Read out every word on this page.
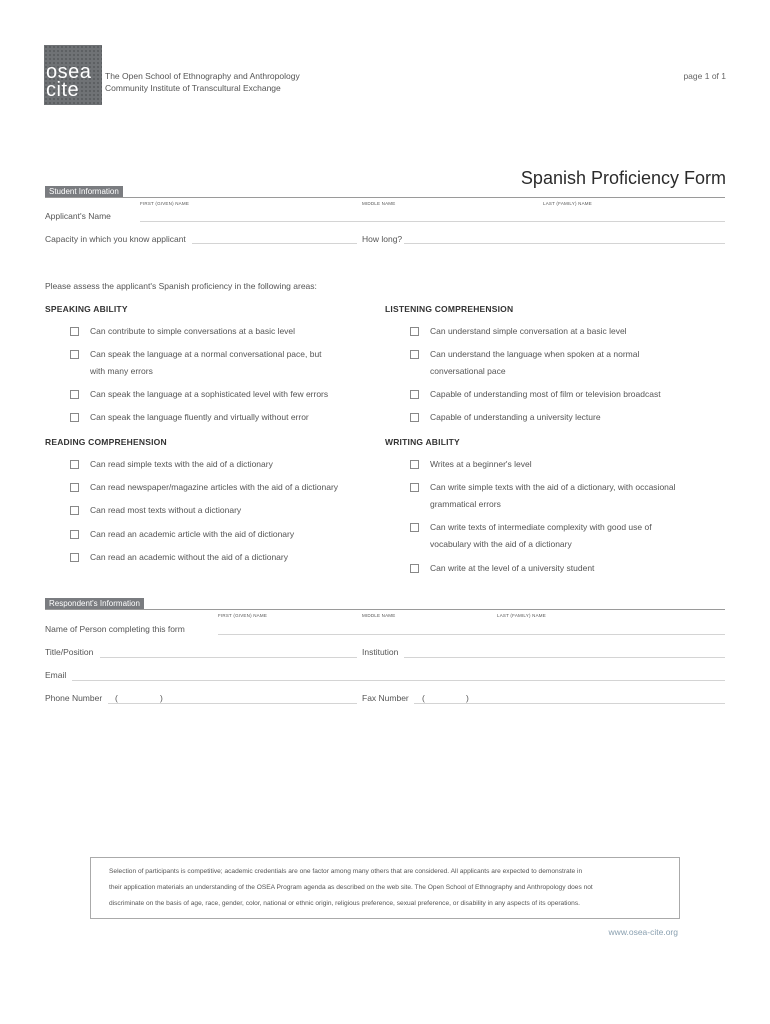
osea
cite
The Open School of Ethnography and Anthropology
Community Institute of Transcultural Exchange
page 1 of 1
Spanish Proficiency Form
Student Information
FIRST (GIVEN) NAME	MIDDLE NAME	LAST (FAMILY) NAME
Applicant's Name
Capacity in which you know applicant	How long?
Please assess the applicant's Spanish proficiency in the following areas:
SPEAKING ABILITY
Can contribute to simple conversations at a basic level
Can speak the language at a normal conversational pace, but
with many errors
Can speak the language at a sophisticated level with few errors
Can speak the language fluently and virtually without error
LISTENING COMPREHENSION
Can understand simple conversation at a basic level
Can understand the language when spoken at a normal
conversational pace
Capable of understanding most of film or television broadcast
Capable of understanding a university lecture
READING COMPREHENSION
Can read simple texts with the aid of a dictionary
Can read newspaper/magazine articles with the aid of a dictionary
Can read most texts without a dictionary
Can read an academic article with the aid of dictionary
Can read an academic without the aid of a dictionary
WRITING ABILITY
Writes at a beginner's level
Can write simple texts with the aid of a dictionary, with occasional
grammatical errors
Can write texts of intermediate complexity with good use of
vocabulary with the aid of a dictionary
Can write at the level of a university student
Respondent's Information
FIRST (GIVEN) NAME	MIDDLE NAME	LAST (FAMILY) NAME
Name of Person completing this form
Title/Position	Institution
Email
Phone Number (	)	Fax Number (	)

Selection of participants is competitive; academic credentials are one factor among many others that are considered. All applicants are expected to demonstrate in

their application materials an understanding of the OSEA Program agenda as described on the web site. The Open School of Ethnography and Anthropology does not

discriminate on the basis of age, race, gender, color, national or ethnic origin, religious preference, sexual preference, or disability in any aspects of its operations.

www.osea-cite.org
